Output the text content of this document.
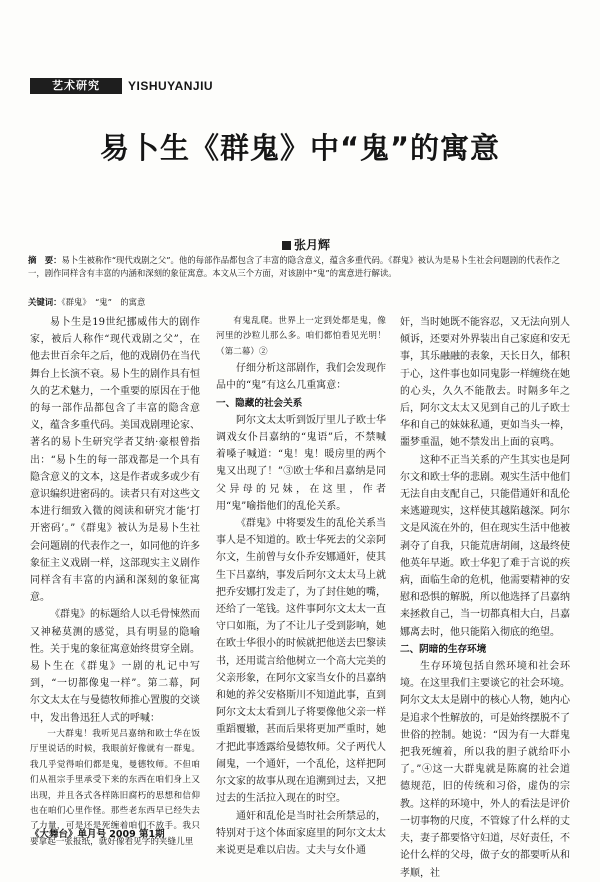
艺术研究	YISHUYANJIU
易卜生《群鬼》中“鬼”的寓意
张月辉
摘　要：易卜生被称作“现代戏剧之父”。他的每部作品都包含了丰富的隐含意义，蕴含多重代码。《群鬼》被认为是易卜生社会问题剧的代表作之一，剧作同样含有丰富的内涵和深刻的象征寓意。本文从三个方面，对该剧中“鬼”的寓意进行解读。
关键词：《群鬼》　“鬼”　的寓意

易卜生是19世纪挪威伟大的剧作家，被后人称作“现代戏剧之父”，在他去世百余年之后，他的戏剧仍在当代舞台上长演不衰。易卜生的剧作具有恒久的艺术魅力，一个重要的原因在于他的每一部作品都包含了丰富的隐含意义，蕴含多重代码。美国戏剧理论家、著名的易卜生研究学者艾纳·豪根曾指出：“易卜生的每一部戏都是一个具有隐含意义的文本，这是作者或多或少有意识编织进密码的。读者只有对这些文本进行细致入微的阅读和研究才能‘打开密码’。”《群鬼》被认为是易卜生社会问题剧的代表作之一，如同他的许多象征主义戏剧一样，这部现实主义剧作同样含有丰富的内涵和深刻的象征寓意。

《群鬼》的标题给人以毛骨悚然而又神秘莫测的感觉，具有明显的隐喻性。关于鬼的象征寓意始终贯穿全剧。易卜生在《群鬼》一剧的札记中写到，“一切都像鬼一样”。第二幕，阿尔文太太在与曼德牧师推心置腹的交谈中，发出鲁迅狂人式的呼喊：

一大群鬼！我听见吕嘉纳和欧士华在饭厅里说话的时候，我眼前好像就有一群鬼。我几乎觉得咱们都是鬼，曼德牧师。不但咱们从祖宗手里承受下来的东西在咱们身上又出现，并且各式各样陈旧腐朽的思想和信仰也在咱们心里作怪。那些老东西早已经失去了力量，可是还是死缠着咱们不放手。我只要拿起一张报纸，就好像看见字的夹缝儿里

有鬼乱爬。世界上一定到处都是鬼，像河里的沙粒儿那么多。咱们都怕看见光明！（第二幕）②

仔细分析这部剧作，我们会发现作品中的“鬼”有这么几重寓意：

一、隐藏的社会关系

阿尔文太太听到饭厅里儿子欧士华调戏女仆吕嘉纳的“鬼语”后，不禁喊着嗓子喊道：“鬼！鬼！暖房里的两个鬼又出现了！”③欧士华和吕嘉纳是同父异母的兄妹，在这里，作者用“鬼”喻指他们的乱伦关系。

《群鬼》中将要发生的乱伦关系当事人是不知道的。欧士华死去的父亲阿尔文，生前曾与女仆乔安娜通奸，使其生下吕嘉纳，事发后阿尔文太太马上就把乔安娜打发走了，为了封住她的嘴，还给了一笔钱。这件事阿尔文太太一直守口如瓶，为了不让儿子受到影响，她在欧士华很小的时候就把他送去巴黎读书，还用谎言给他树立一个高大完美的父亲形象，在阿尔文家当女仆的吕嘉纳和她的养父安格斯川不知道此事，直到阿尔文太太看到儿子将要像他父亲一样重蹈覆辙，甚而后果将更加严重时，她才把此事透露给曼德牧师。父子两代人闹鬼，一个通奸，一个乱伦，这样把阿尔文家的故事从现在追溯到过去，又把过去的生活拉入现在的时空。

通奸和乱伦是当时社会所禁忌的，特别对于这个体面家庭里的阿尔文太太来说更是难以启齿。丈夫与女仆通

奸，当时她既不能容忍，又无法向别人倾诉，还要对外界装出自己家庭和安无事，其乐融融的表象，天长日久，郁积于心，这件事也如同鬼影一样缠绕在她的心头，久久不能散去。时隔多年之后，阿尔文太太又见到自己的儿子欧士华和自己的妹妹私通，更如当头一棒，噩梦重温，她不禁发出上面的哀鸣。

这种不正当关系的产生其实也是阿尔文和欧士华的悲剧。观实生活中他们无法自由支配自己，只能借通奸和乱伦来逃避现实，这样使其越陷越深。阿尔文是风流在外的，但在现实生活中他被剥夺了自我，只能荒唐胡闹，这最终使他英年早逝。欧士华犯了难于言说的疾病，面临生命的危机，他需要精神的安慰和恐惧的解脱，所以他选择了吕嘉纳来拯救自己，当一切都真相大白，吕嘉娜离去时，他只能陷入彻底的绝望。

二、阴暗的生存环境

生存环境包括自然环境和社会环境。在这里我们主要谈它的社会环境。阿尔文太太是剧中的核心人物，她内心是追求个性解放的，可是始终摆脱不了世俗的控制。她说：“因为有一大群鬼把我死缠着，所以我的胆子就给吓小了。”④这一大群鬼就是陈腐的社会道德规范，旧的传统和习俗，虚伪的宗教。这样的环境中，外人的看法是评价一切事物的尺度，不管嫁了什么样的丈夫，妻子都要恪守妇道，尽好责任，不论什么样的父母，做子女的都要听从和孝顺，社

《大舞台》单月号 2009 第1期
